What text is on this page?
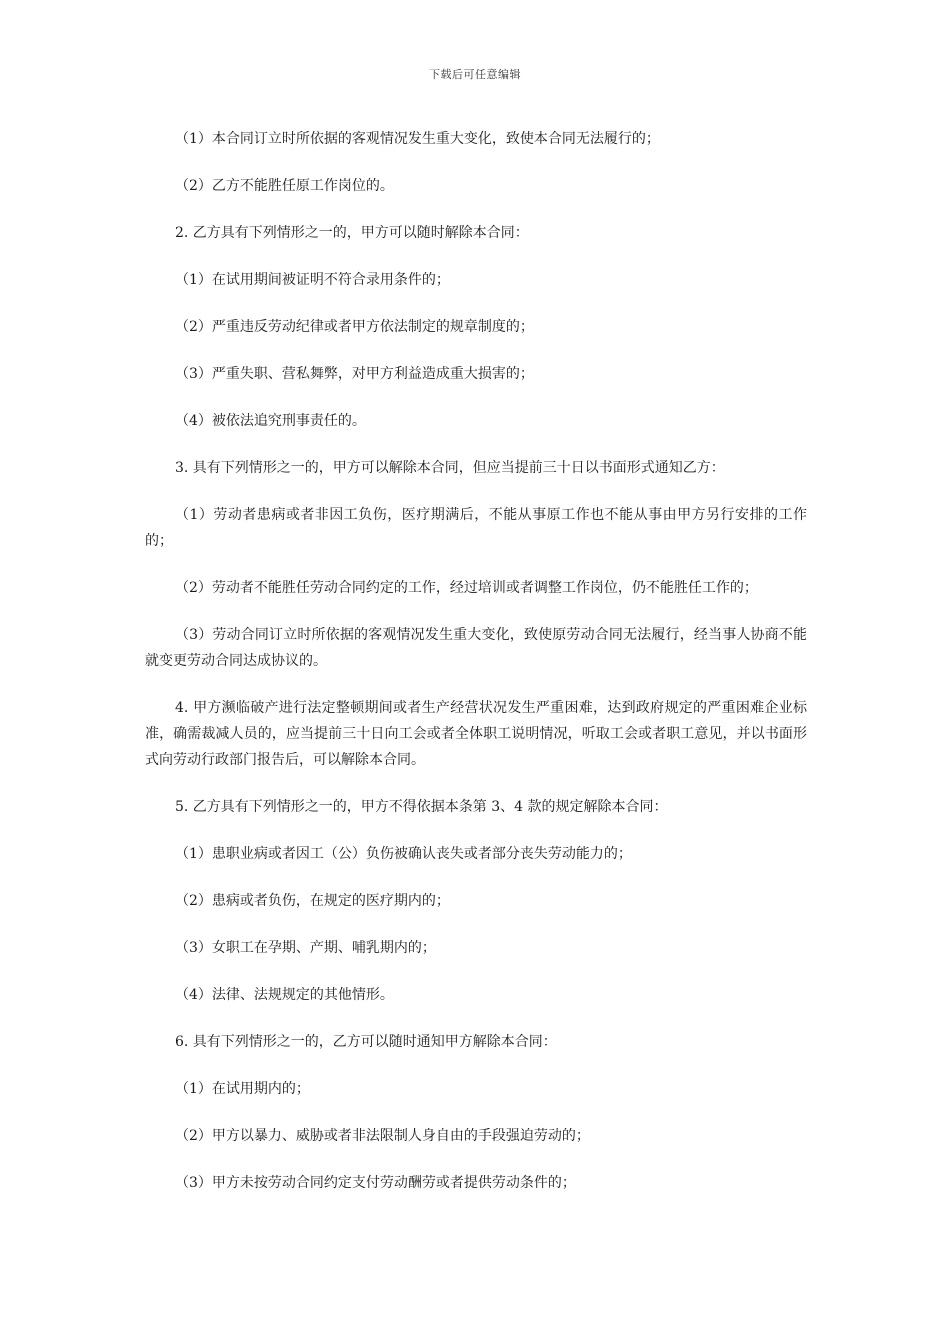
下载后可任意编辑

（1）本合同订立时所依据的客观情况发生重大变化，致使本合同无法履行的；

（2）乙方不能胜任原工作岗位的。

2. 乙方具有下列情形之一的，甲方可以随时解除本合同：

（1）在试用期间被证明不符合录用条件的；

（2）严重违反劳动纪律或者甲方依法制定的规章制度的；

（3）严重失职、营私舞弊，对甲方利益造成重大损害的；

（4）被依法追究刑事责任的。

3. 具有下列情形之一的，甲方可以解除本合同，但应当提前三十日以书面形式通知乙方：

（1）劳动者患病或者非因工负伤，医疗期满后，不能从事原工作也不能从事由甲方另行安排的工作的；

（2）劳动者不能胜任劳动合同约定的工作，经过培训或者调整工作岗位，仍不能胜任工作的；

（3）劳动合同订立时所依据的客观情况发生重大变化，致使原劳动合同无法履行，经当事人协商不能就变更劳动合同达成协议的。

4. 甲方濒临破产进行法定整顿期间或者生产经营状况发生严重困难，达到政府规定的严重困难企业标准，确需裁减人员的，应当提前三十日向工会或者全体职工说明情况，听取工会或者职工意见，并以书面形式向劳动行政部门报告后，可以解除本合同。

5. 乙方具有下列情形之一的，甲方不得依据本条第 3、4 款的规定解除本合同：

（1）患职业病或者因工（公）负伤被确认丧失或者部分丧失劳动能力的；

（2）患病或者负伤，在规定的医疗期内的；

（3）女职工在孕期、产期、哺乳期内的；

（4）法律、法规规定的其他情形。

6. 具有下列情形之一的，乙方可以随时通知甲方解除本合同：

（1）在试用期内的；

（2）甲方以暴力、威胁或者非法限制人身自由的手段强迫劳动的；

（3）甲方未按劳动合同约定支付劳动酬劳或者提供劳动条件的；
